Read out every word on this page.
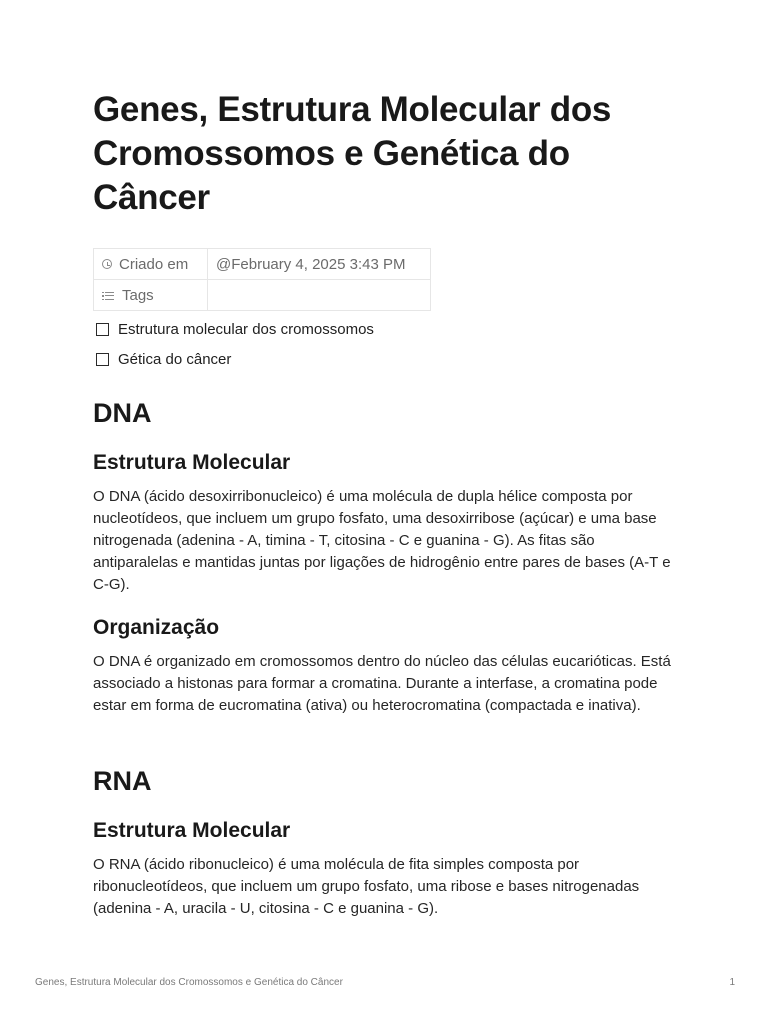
Genes, Estrutura Molecular dos Cromossomos e Genética do Câncer
Criado em	@February 4, 2025 3:43 PM

Tags	

Estrutura molecular dos cromossomos
Gética do câncer
DNA
Estrutura Molecular

O DNA (ácido desoxirribonucleico) é uma molécula de dupla hélice composta por nucleotídeos, que incluem um grupo fosfato, uma desoxirribose (açúcar) e uma base nitrogenada (adenina - A, timina - T, citosina - C e guanina - G). As fitas são antiparalelas e mantidas juntas por ligações de hidrogênio entre pares de bases (A-T e C-G).

Organização

O DNA é organizado em cromossomos dentro do núcleo das células eucarióticas. Está associado a histonas para formar a cromatina. Durante a interfase, a cromatina pode estar em forma de eucromatina (ativa) ou heterocromatina (compactada e inativa).

RNA
Estrutura Molecular

O RNA (ácido ribonucleico) é uma molécula de fita simples composta por ribonucleotídeos, que incluem um grupo fosfato, uma ribose e bases nitrogenadas (adenina - A, uracila - U, citosina - C e guanina - G).

Genes, Estrutura Molecular dos Cromossomos e Genética do Câncer	1
